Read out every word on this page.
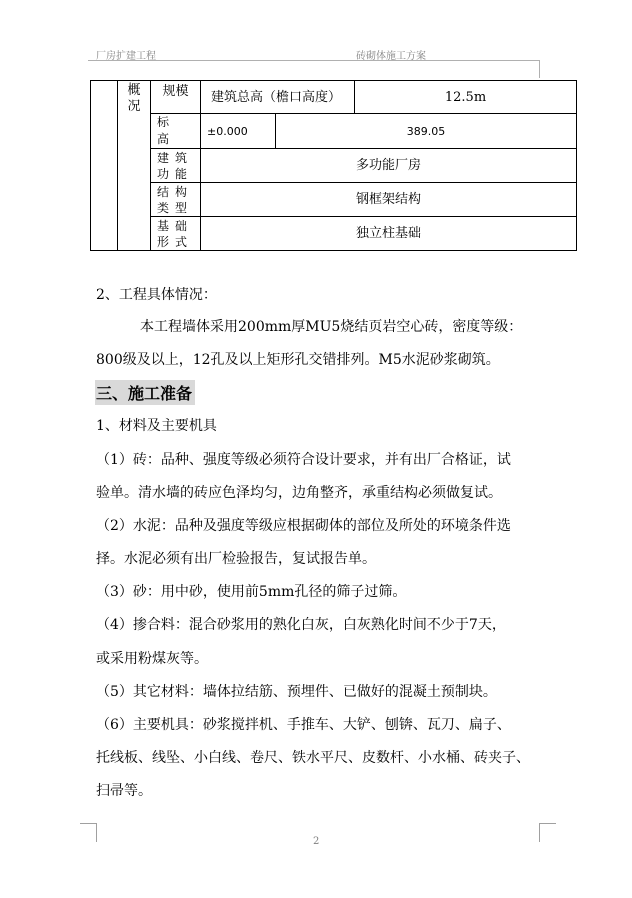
厂房扩建工程	砖砌体施工方案

	概况	规模	建筑总高（檐口高度）		12.5m
		标 高	±0.000	389.05	

		建筑功能	多功能厂房		

		结构类型	钢框架结构		

		基础形式	独立柱基础		
2、工程具体情况：
本工程墙体采用200mm厚MU5烧结页岩空心砖，密度等级：
800级及以上，12孔及以上矩形孔交错排列。M5水泥砂浆砌筑。
三、施工准备
1、材料及主要机具
（1）砖：品种、强度等级必须符合设计要求，并有出厂合格证，试
验单。清水墙的砖应色泽均匀，边角整齐，承重结构必须做复试。
（2）水泥：品种及强度等级应根据砌体的部位及所处的环境条件选
择。水泥必须有出厂检验报告，复试报告单。
（3）砂：用中砂，使用前5mm孔径的筛子过筛。
（4）掺合料：混合砂浆用的熟化白灰，白灰熟化时间不少于7天，
或采用粉煤灰等。
（5）其它材料：墙体拉结筋、预埋件、已做好的混凝土预制块。
（6）主要机具：砂浆搅拌机、手推车、大铲、刨锛、瓦刀、扁子、
托线板、线坠、小白线、卷尺、铁水平尺、皮数杆、小水桶、砖夹子、
扫帚等。
2
